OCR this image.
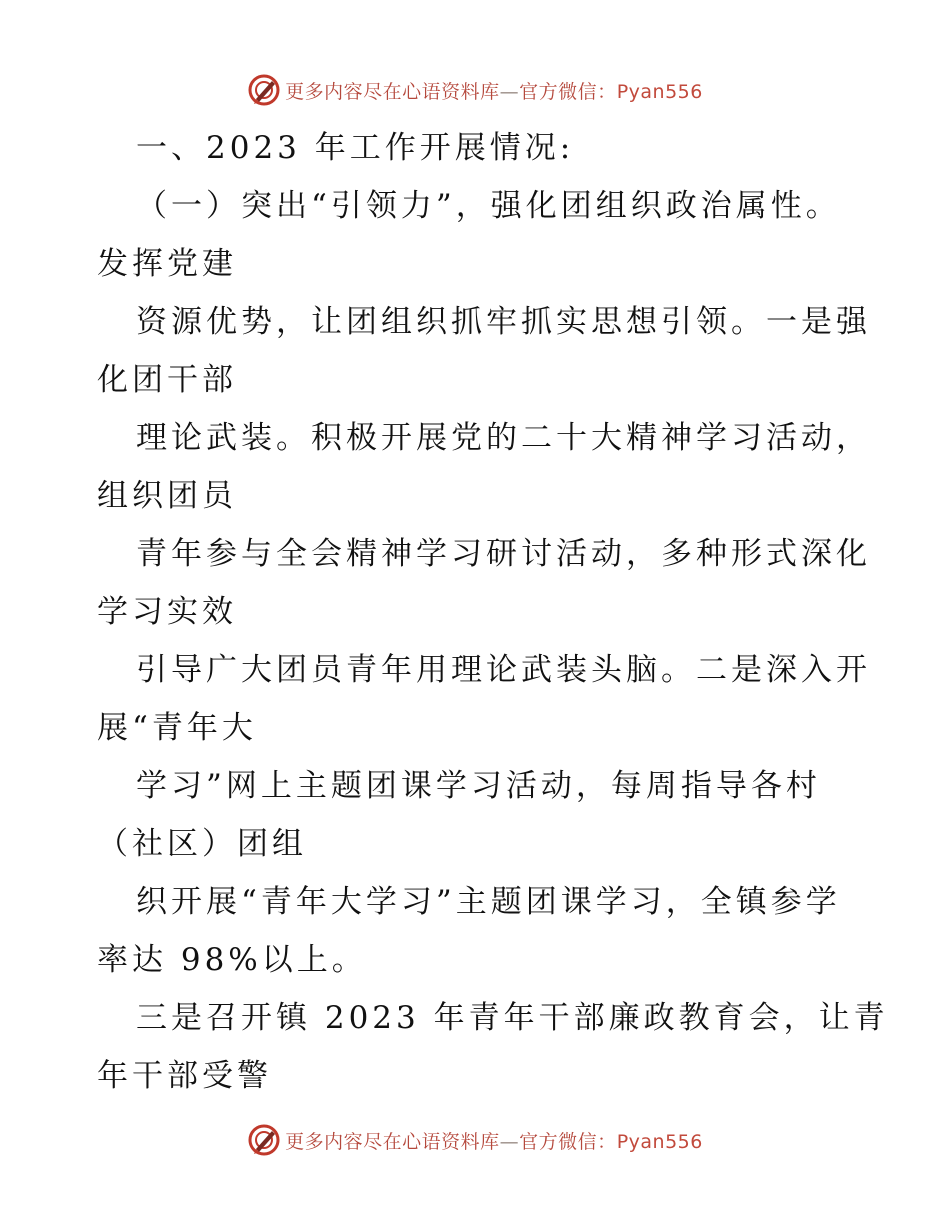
更多内容尽在心语资料库—官方微信：Pyan556
一、2023 年工作开展情况:
（一）突出“引领力”，强化团组织政治属性。
发挥党建
资源优势，让团组织抓牢抓实思想引领。一是强
化团干部
理论武装。积极开展党的二十大精神学习活动，
组织团员
青年参与全会精神学习研讨活动，多种形式深化
学习实效
引导广大团员青年用理论武装头脑。二是深入开
展“青年大
学习”网上主题团课学习活动，每周指导各村
（社区）团组
织开展“青年大学习”主题团课学习，全镇参学
率达 98%以上。
三是召开镇 2023 年青年干部廉政教育会，让青
年干部受警
更多内容尽在心语资料库—官方微信：Pyan556
